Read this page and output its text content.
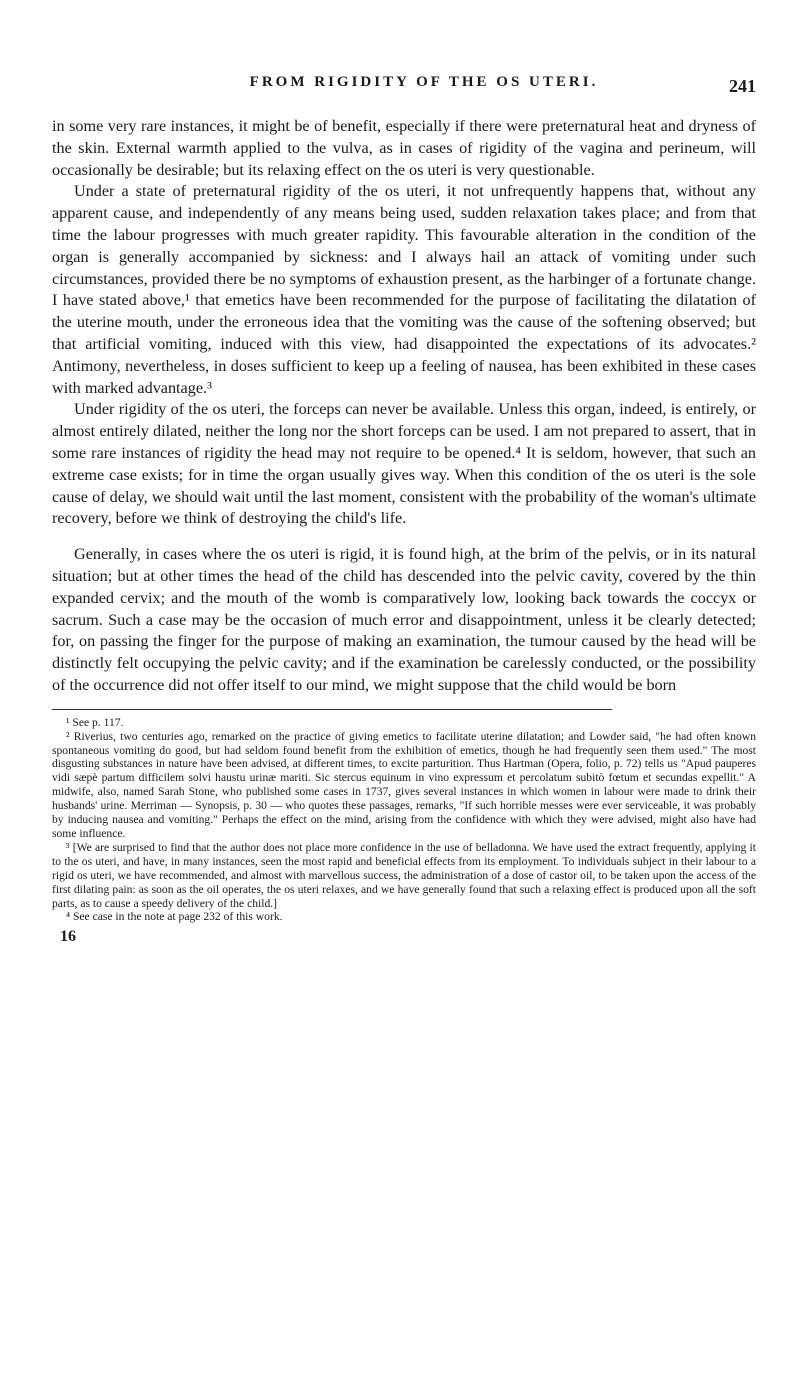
FROM RIGIDITY OF THE OS UTERI.	241

in some very rare instances, it might be of benefit, especially if there were preternatural heat and dryness of the skin. External warmth applied to the vulva, as in cases of rigidity of the vagina and perineum, will occasionally be desirable; but its relaxing effect on the os uteri is very questionable.

Under a state of preternatural rigidity of the os uteri, it not unfrequently happens that, without any apparent cause, and independently of any means being used, sudden relaxation takes place; and from that time the labour progresses with much greater rapidity. This favourable alteration in the condition of the organ is generally accompanied by sickness: and I always hail an attack of vomiting under such circumstances, provided there be no symptoms of exhaustion present, as the harbinger of a fortunate change. I have stated above,¹ that emetics have been recommended for the purpose of facilitating the dilatation of the uterine mouth, under the erroneous idea that the vomiting was the cause of the softening observed; but that artificial vomiting, induced with this view, had disappointed the expectations of its advocates.² Antimony, nevertheless, in doses sufficient to keep up a feeling of nausea, has been exhibited in these cases with marked advantage.³

Under rigidity of the os uteri, the forceps can never be available. Unless this organ, indeed, is entirely, or almost entirely dilated, neither the long nor the short forceps can be used. I am not prepared to assert, that in some rare instances of rigidity the head may not require to be opened.⁴ It is seldom, however, that such an extreme case exists; for in time the organ usually gives way. When this condition of the os uteri is the sole cause of delay, we should wait until the last moment, consistent with the probability of the woman's ultimate recovery, before we think of destroying the child's life.

Generally, in cases where the os uteri is rigid, it is found high, at the brim of the pelvis, or in its natural situation; but at other times the head of the child has descended into the pelvic cavity, covered by the thin expanded cervix; and the mouth of the womb is comparatively low, looking back towards the coccyx or sacrum. Such a case may be the occasion of much error and disappointment, unless it be clearly detected; for, on passing the finger for the purpose of making an examination, the tumour caused by the head will be distinctly felt occupying the pelvic cavity; and if the examination be carelessly conducted, or the possibility of the occurrence did not offer itself to our mind, we might suppose that the child would be born

¹ See p. 117.

² Riverius, two centuries ago, remarked on the practice of giving emetics to facilitate uterine dilatation; and Lowder said, "he had often known spontaneous vomiting do good, but had seldom found benefit from the exhibition of emetics, though he had frequently seen them used." The most disgusting substances in nature have been advised, at different times, to excite parturition. Thus Hartman (Opera, folio, p. 72) tells us "Apud pauperes vidi sæpè partum difficilem solvi haustu urinæ mariti. Sic stercus equinum in vino expressum et percolatum subitò fœtum et secundas expellit." A midwife, also, named Sarah Stone, who published some cases in 1737, gives several instances in which women in labour were made to drink their husbands' urine. Merriman — Synopsis, p. 30 — who quotes these passages, remarks, "If such horrible messes were ever serviceable, it was probably by inducing nausea and vomiting." Perhaps the effect on the mind, arising from the confidence with which they were advised, might also have had some influence.

³ [We are surprised to find that the author does not place more confidence in the use of belladonna. We have used the extract frequently, applying it to the os uteri, and have, in many instances, seen the most rapid and beneficial effects from its employment. To individuals subject in their labour to a rigid os uteri, we have recommended, and almost with marvellous success, the administration of a dose of castor oil, to be taken upon the access of the first dilating pain: as soon as the oil operates, the os uteri relaxes, and we have generally found that such a relaxing effect is produced upon all the soft parts, as to cause a speedy delivery of the child.]

⁴ See case in the note at page 232 of this work.

16
